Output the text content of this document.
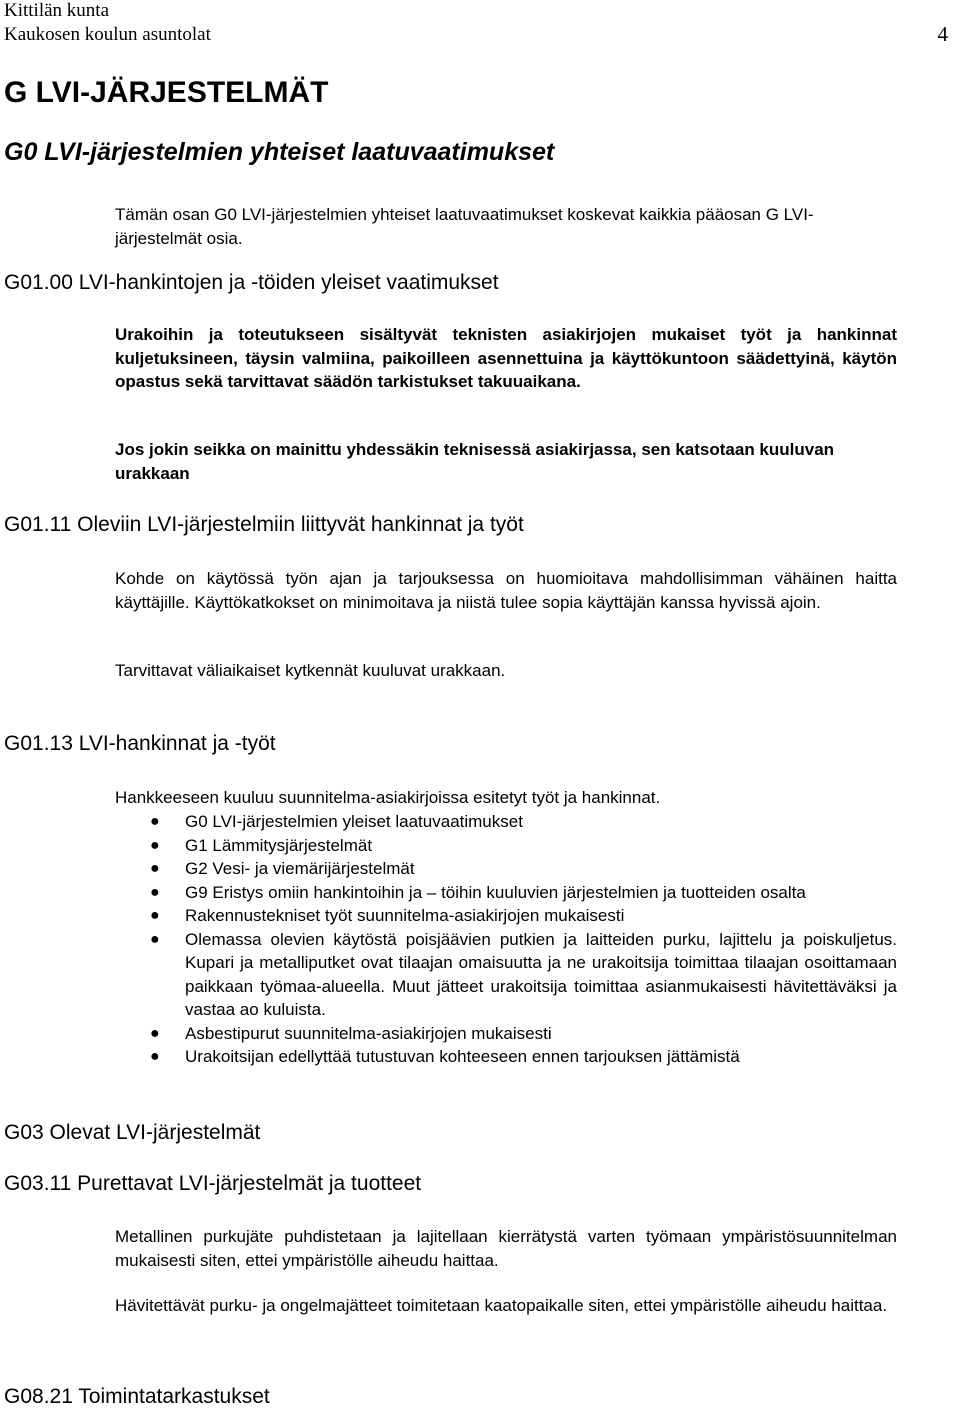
Kittilän kunta
Kaukosen koulun asuntolat	4
G LVI-JÄRJESTELMÄT
G0 LVI-järjestelmien yhteiset laatuvaatimukset
Tämän osan G0 LVI-järjestelmien yhteiset laatuvaatimukset koskevat kaikkia pääosan G LVI-järjestelmät osia.
G01.00 LVI-hankintojen ja -töiden yleiset vaatimukset
Urakoihin ja toteutukseen sisältyvät teknisten asiakirjojen mukaiset työt ja hankinnat kuljetuksineen, täysin valmiina, paikoilleen asennettuina ja käyttökuntoon säädettyinä, käytön opastus sekä tarvittavat säädön tarkistukset takuuaikana.
Jos jokin seikka on mainittu yhdessäkin teknisessä asiakirjassa, sen katsotaan kuuluvan urakkaan
G01.11 Oleviin LVI-järjestelmiin liittyvät hankinnat ja työt
Kohde on käytössä työn ajan ja tarjouksessa on huomioitava mahdollisimman vähäinen haitta käyttäjille. Käyttökatkokset on minimoitava ja niistä tulee sopia käyttäjän kanssa hyvissä ajoin.
Tarvittavat väliaikaiset kytkennät kuuluvat urakkaan.
G01.13 LVI-hankinnat ja -työt
Hankkeeseen kuuluu suunnitelma-asiakirjoissa esitetyt työt ja hankinnat.
● G0 LVI-järjestelmien yleiset laatuvaatimukset
● G1 Lämmitysjärjestelmät
● G2 Vesi- ja viemärijärjestelmät
● G9 Eristys omiin hankintoihin ja – töihin kuuluvien järjestelmien ja tuotteiden osalta
● Rakennustekniset työt suunnitelma-asiakirjojen mukaisesti
● Olemassa olevien käytöstä poisjäävien putkien ja laitteiden purku, lajittelu ja poiskuljetus. Kupari ja metalliputket ovat tilaajan omaisuutta ja ne urakoitsija toimittaa tilaajan osoittamaan paikkaan työmaa-alueella. Muut jätteet urakoitsija toimittaa asianmukaisesti hävitettäväksi ja vastaa ao kuluista.
● Asbestipurut suunnitelma-asiakirjojen mukaisesti
● Urakoitsijan edellyttää tutustuvan kohteeseen ennen tarjouksen jättämistä
G03 Olevat LVI-järjestelmät
G03.11 Purettavat LVI-järjestelmät ja tuotteet
Metallinen purkujäte puhdistetaan ja lajitellaan kierrätystä varten työmaan ympäristösuunnitelman mukaisesti siten, ettei ympäristölle aiheudu haittaa.
Hävitettävät purku- ja ongelmajätteet toimitetaan kaatopaikalle siten, ettei ympäristölle aiheudu haittaa.
G08.21 Toimintatarkastukset
